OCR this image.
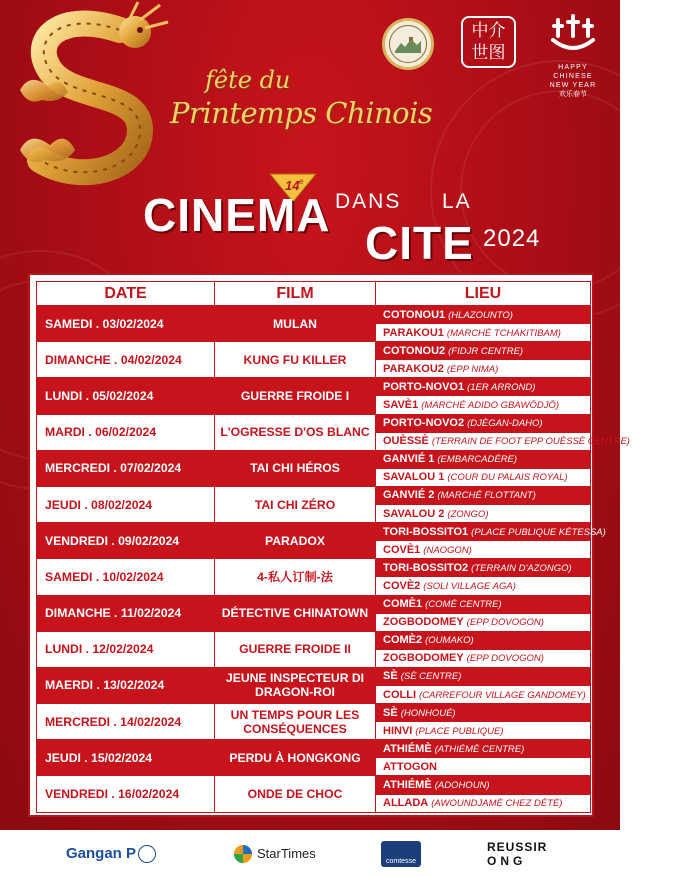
fête du
Printemps Chinois
中介 世图
HAPPY
CHINESE
NEW YEAR
欢乐春节
14 e
CINEMA DANS LA
CITE 2024
DATE	FILM	LIEU
SAMEDI . 03/02/2024	MULAN	COTONOU1 (HLAZOUNTO)
		PARAKOU1 (MARCHÉ TCHAKITIBAM)
DIMANCHE . 04/02/2024	KUNG FU KILLER	COTONOU2 (FIDJR CENTRE)
		PARAKOU2 (EPP NIMA)
LUNDI . 05/02/2024	GUERRE FROIDE I	PORTO-NOVO1 (1ER ARROND)
		SAVÈ1 (MARCHÉ ADIDO GBAWÖDJÖ)
MARDI . 06/02/2024	L'OGRESSE D'OS BLANC	PORTO-NOVO2 (DJÈGAN-DAHO)
		OUÈSSÈ (TERRAIN DE FOOT EPP OUÈSSÈ CENTRE)
MERCREDI . 07/02/2024	TAI CHI HÉROS	GANVIÉ 1 (EMBARCADÈRE)
		SAVALOU 1 (COUR DU PALAIS ROYAL)
JEUDI . 08/02/2024	TAI CHI ZÉRO	GANVIÉ 2 (MARCHÉ FLOTTANT)
		SAVALOU 2 (ZONGO)
VENDREDI . 09/02/2024	PARADOX	TORI-BOSSITO1 (PLACE PUBLIQUE KÉTESSA)
		COVÈ1 (NAOGON)
SAMEDI . 10/02/2024	4-私人订制-法	TORI-BOSSITO2 (TERRAIN D'AZONGO)
		COVÈ2 (SOLI VILLAGE AGA)
DIMANCHE . 11/02/2024	DÉTECTIVE CHINATOWN	COMÈ1 (COMÈ CENTRE)
		ZOGBODOMEY (EPP DOVOGON)
LUNDI . 12/02/2024	GUERRE FROIDE II	COMÈ2 (OUMAKO)
		ZOGBODOMEY (EPP DOVOGON)
MAERDI . 13/02/2024	JEUNE INSPECTEUR DI DRAGON-ROI	SÈ (SÈ CENTRE)
		COLLI (CARREFOUR VILLAGE GANDOMEY)
MERCREDI . 14/02/2024	UN TEMPS POUR LES CONSÉQUENCES	SÈ (HONHOUÉ)
		HINVI (PLACE PUBLIQUE)
JEUDI . 15/02/2024	PERDU À HONGKONG	ATHIÉMÈ (ATHIÉMÈ CENTRE)
		ATTOGON
VENDREDI . 16/02/2024	ONDE DE CHOC	ATHIÉMÈ (ADOHOUN)
		ALLADA (AWOUNDJAMÈ CHEZ DÈTÈ)
Gangan P	StarTimes	comtesse
REUSSIR
ONG
